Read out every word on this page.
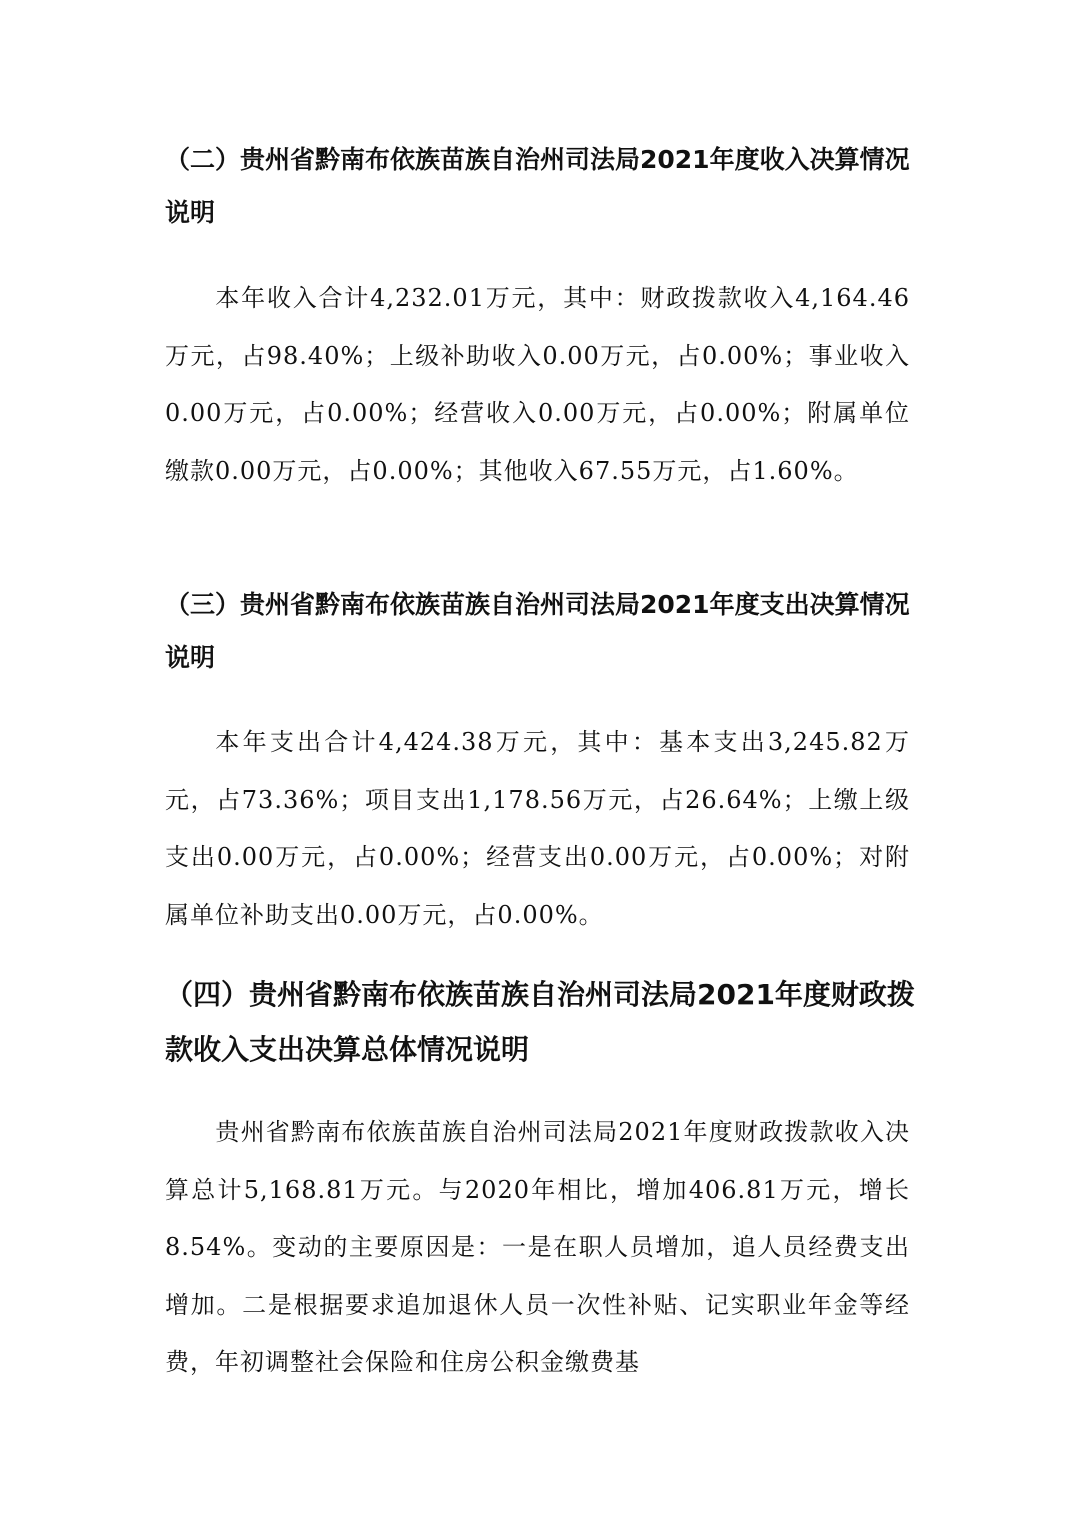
（二）贵州省黔南布依族苗族自治州司法局2021年度收入决算情况说明

本年收入合计4,232.01万元，其中：财政拨款收入4,164.46万元，占98.40%；上级补助收入0.00万元，占0.00%；事业收入0.00万元，占0.00%；经营收入0.00万元，占0.00%；附属单位缴款0.00万元，占0.00%；其他收入67.55万元，占1.60%。

（三）贵州省黔南布依族苗族自治州司法局2021年度支出决算情况说明

本年支出合计4,424.38万元，其中：基本支出3,245.82万元，占73.36%；项目支出1,178.56万元，占26.64%；上缴上级支出0.00万元，占0.00%；经营支出0.00万元，占0.00%；对附属单位补助支出0.00万元，占0.00%。

（四）贵州省黔南布依族苗族自治州司法局2021年度财政拨款收入支出决算总体情况说明

贵州省黔南布依族苗族自治州司法局2021年度财政拨款收入决算总计5,168.81万元。与2020年相比，增加406.81万元，增长8.54%。变动的主要原因是：一是在职人员增加，追人员经费支出增加。二是根据要求追加退休人员一次性补贴、记实职业年金等经费，年初调整社会保险和住房公积金缴费基
